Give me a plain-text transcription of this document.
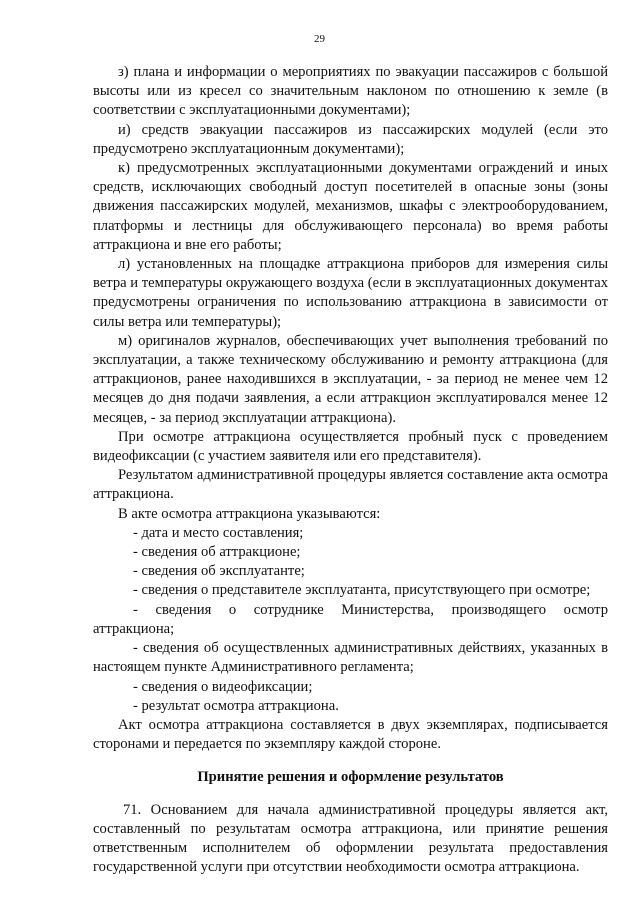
29

з) плана и информации о мероприятиях по эвакуации пассажиров с большой высоты или из кресел со значительным наклоном по отношению к земле (в соответствии с эксплуатационными документами);

и) средств эвакуации пассажиров из пассажирских модулей (если это предусмотрено эксплуатационным документами);

к) предусмотренных эксплуатационными документами ограждений и иных средств, исключающих свободный доступ посетителей в опасные зоны (зоны движения пассажирских модулей, механизмов, шкафы с электрооборудованием, платформы и лестницы для обслуживающего персонала) во время работы аттракциона и вне его работы;

л) установленных на площадке аттракциона приборов для измерения силы ветра и температуры окружающего воздуха (если в эксплуатационных документах предусмотрены ограничения по использованию аттракциона в зависимости от силы ветра или температуры);

м) оригиналов журналов, обеспечивающих учет выполнения требований по эксплуатации, а также техническому обслуживанию и ремонту аттракциона (для аттракционов, ранее находившихся в эксплуатации, - за период не менее чем 12 месяцев до дня подачи заявления, а если аттракцион эксплуатировался менее 12 месяцев, - за период эксплуатации аттракциона).

При осмотре аттракциона осуществляется пробный пуск с проведением видеофиксации (с участием заявителя или его представителя).

Результатом административной процедуры является составление акта осмотра аттракциона.

В акте осмотра аттракциона указываются:

- дата и место составления;

- сведения об аттракционе;

- сведения об эксплуатанте;

- сведения о представителе эксплуатанта, присутствующего при осмотре;

- сведения о сотруднике Министерства, производящего осмотр аттракциона;

- сведения об осуществленных административных действиях, указанных в настоящем пункте Административного регламента;

- сведения о видеофиксации;

- результат осмотра аттракциона.

Акт осмотра аттракциона составляется в двух экземплярах, подписывается сторонами и передается по экземпляру каждой стороне.

Принятие решения и оформление результатов

71. Основанием для начала административной процедуры является акт, составленный по результатам осмотра аттракциона, или принятие решения ответственным исполнителем об оформлении результата предоставления государственной услуги при отсутствии необходимости осмотра аттракциона.
